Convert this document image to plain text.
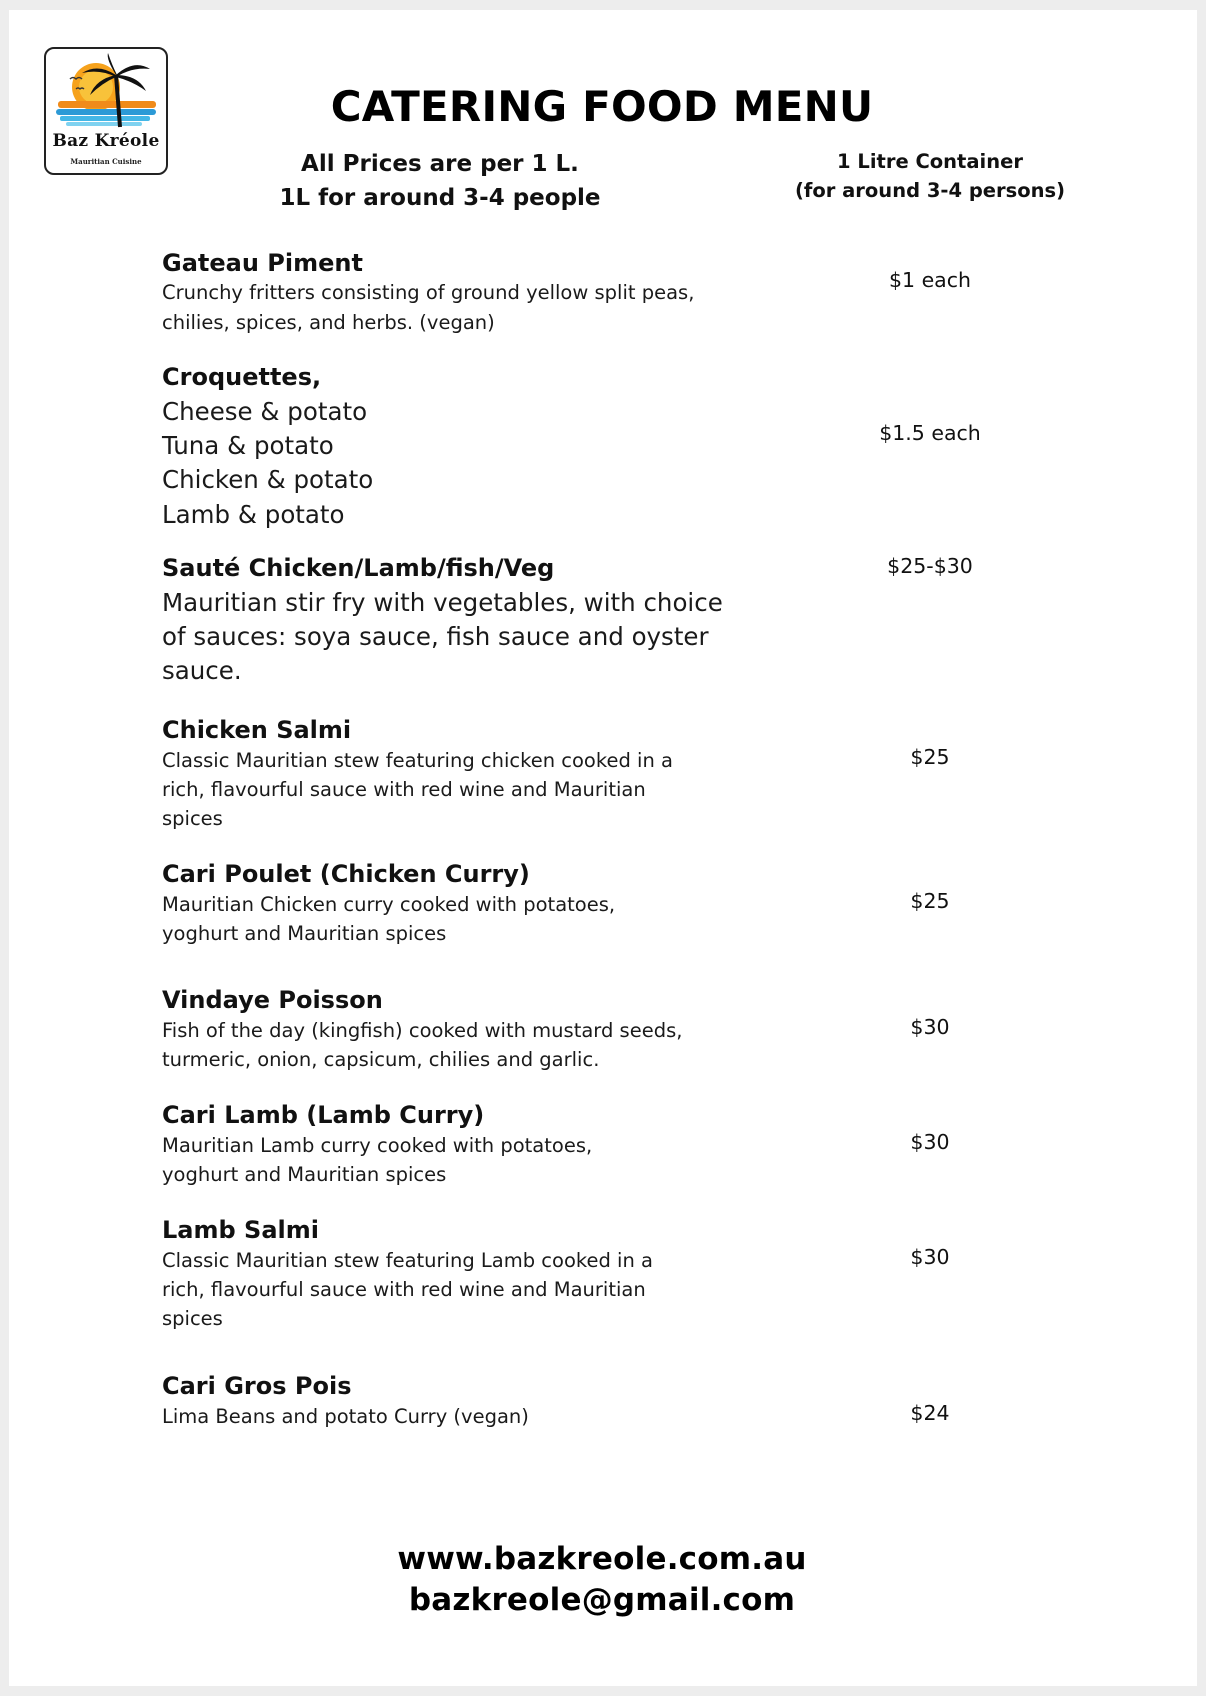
Baz Kréole
Mauritian Cuisine
CATERING FOOD MENU
All Prices are per 1 L.
1L for around 3-4 people
1 Litre Container
(for around 3-4 persons)
Gateau Piment
Crunchy fritters consisting of ground yellow split peas,
chilies, spices, and herbs. (vegan)
$1 each
Croquettes,
Cheese & potato
Tuna & potato
Chicken & potato
Lamb & potato
$1.5 each
Sauté Chicken/Lamb/fish/Veg
Mauritian stir fry with vegetables, with choice
of sauces: soya sauce, fish sauce and oyster
sauce.
$25-$30
Chicken Salmi
Classic Mauritian stew featuring chicken cooked in a
rich, flavourful sauce with red wine and Mauritian
spices
$25
Cari Poulet (Chicken Curry)
Mauritian Chicken curry cooked with potatoes,
yoghurt and Mauritian spices
$25
Vindaye Poisson
Fish of the day (kingfish) cooked with mustard seeds,
turmeric, onion, capsicum, chilies and garlic.
$30
Cari Lamb (Lamb Curry)
Mauritian Lamb curry cooked with potatoes,
yoghurt and Mauritian spices
$30
Lamb Salmi
Classic Mauritian stew featuring Lamb cooked in a
rich, flavourful sauce with red wine and Mauritian
spices
$30
Cari Gros Pois
Lima Beans and potato Curry (vegan)	$24
www.bazkreole.com.au
bazkreole@gmail.com
